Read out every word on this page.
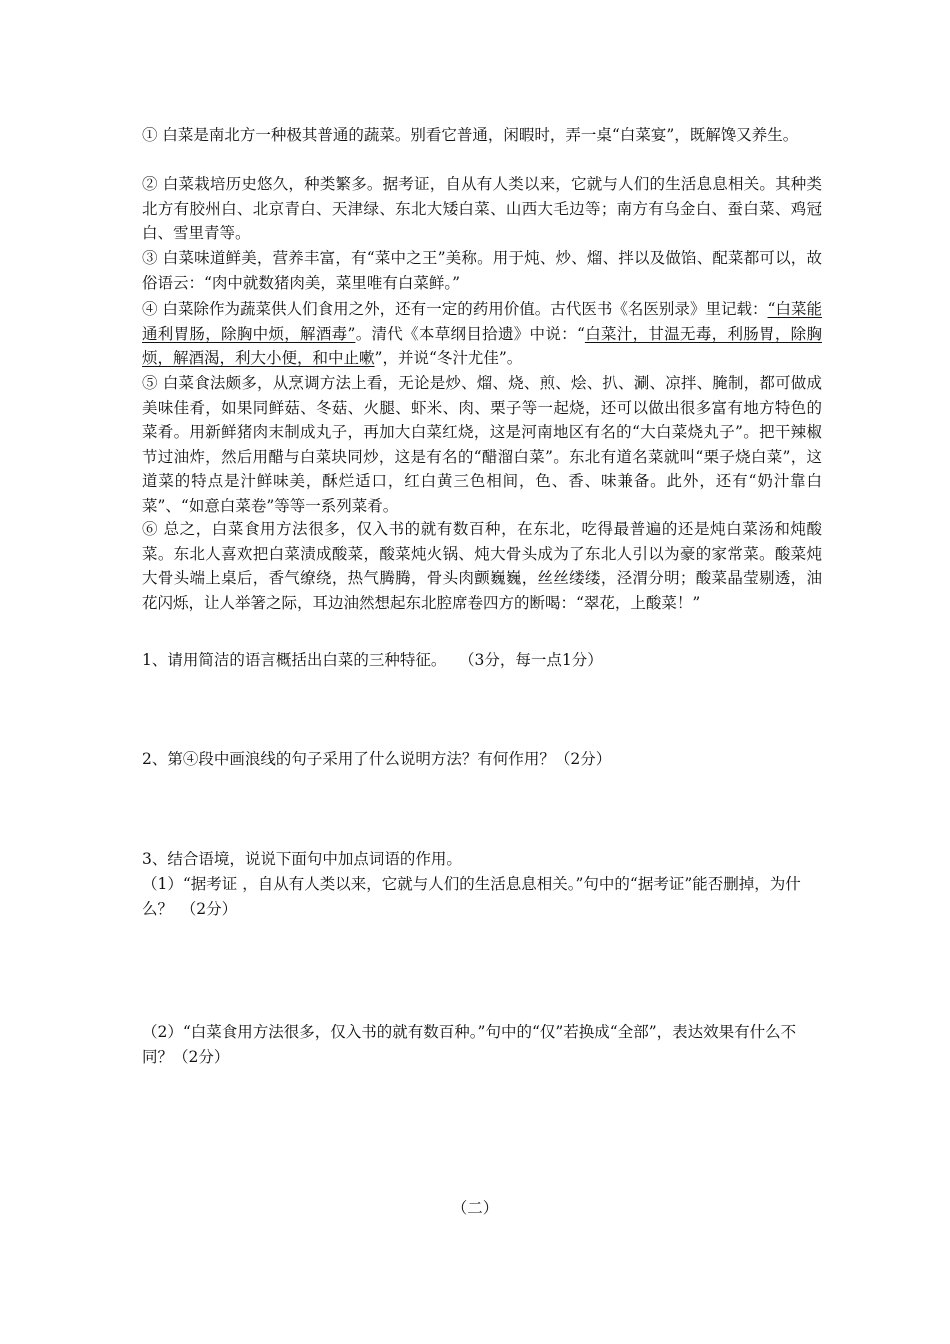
① 白菜是南北方一种极其普通的蔬菜。别看它普通，闲暇时，弄一桌“白菜宴”，既解馋又养生。
② 白菜栽培历史悠久，种类繁多。据考证，自从有人类以来，它就与人们的生活息息相关。其种类北方有胶州白、北京青白、天津绿、东北大矮白菜、山西大毛边等；南方有乌金白、蚕白菜、鸡冠白、雪里青等。
③ 白菜味道鲜美，营养丰富，有“菜中之王”美称。用于炖、炒、熘、拌以及做馅、配菜都可以，故俗语云：“肉中就数猪肉美，菜里唯有白菜鲜。”
④ 白菜除作为蔬菜供人们食用之外，还有一定的药用价值。古代医书《名医别录》里记载：“白菜能通利胃肠，除胸中烦，解酒毒”。清代《本草纲目拾遗》中说：“白菜汁，甘温无毒，利肠胃，除胸烦，解酒渴，利大小便，和中止嗽”，并说“冬汁尤佳”。
⑤ 白菜食法颇多，从烹调方法上看，无论是炒、熘、烧、煎、烩、扒、涮、凉拌、腌制，都可做成美味佳肴，如果同鲜菇、冬菇、火腿、虾米、肉、栗子等一起烧，还可以做出很多富有地方特色的菜肴。用新鲜猪肉末制成丸子，再加大白菜红烧，这是河南地区有名的“大白菜烧丸子”。把干辣椒节过油炸，然后用醋与白菜块同炒，这是有名的“醋溜白菜”。东北有道名菜就叫“栗子烧白菜”，这道菜的特点是汁鲜味美，酥烂适口，红白黄三色相间，色、香、味兼备。此外，还有“奶汁靠白菜”、“如意白菜卷”等等一系列菜肴。
⑥ 总之，白菜食用方法很多，仅入书的就有数百种，在东北，吃得最普遍的还是炖白菜汤和炖酸菜。东北人喜欢把白菜渍成酸菜，酸菜炖火锅、炖大骨头成为了东北人引以为豪的家常菜。酸菜炖大骨头端上桌后，香气缭绕，热气腾腾，骨头肉颤巍巍，丝丝缕缕，泾渭分明；酸菜晶莹剔透，油花闪烁，让人举箸之际，耳边油然想起东北腔席卷四方的断喝：“翠花，上酸菜！”
1、请用简洁的语言概括出白菜的三种特征。　 （3分，每一点1分）
2、第④段中画浪线的句子采用了什么说明方法？有何作用？（2分）
3、结合语境，说说下面句中加点词语的作用。
（1）“据考证 ，自从有人类以来，它就与人们的生活息息相关。”句中的“据考证”能否删掉，为什么？　（2分）
（2）“白菜食用方法很多，仅入书的就有数百种。”句中的“仅”若换成“全部”，表达效果有什么不同？（2分）
（二）
